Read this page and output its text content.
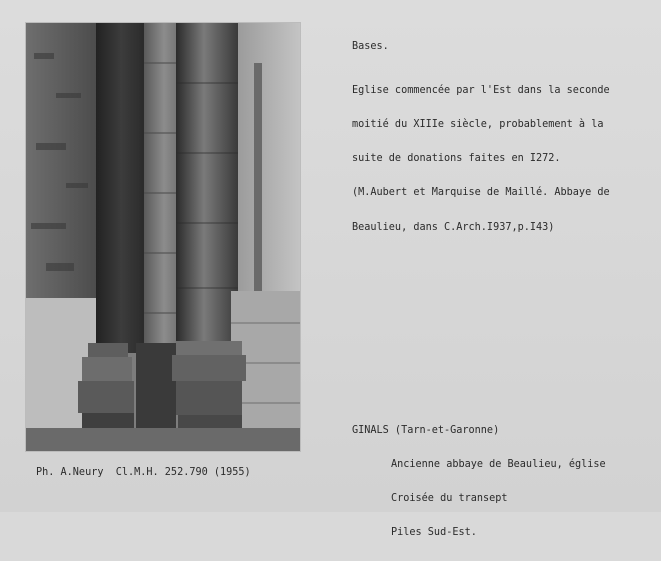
Bases.

Eglise commencée par l'Est dans la seconde

moitié du XIIIe siècle, probablement à la

suite de donations faites en I272.

(M.Aubert et Marquise de Maillé. Abbaye de

Beaulieu, dans C.Arch.I937,p.I43)

GINALS (Tarn-et-Garonne)

Ancienne abbaye de Beaulieu, église

Croisée du transept

Piles Sud-Est.

Ph. A.Neury  Cl.M.H. 252.790 (1955)
